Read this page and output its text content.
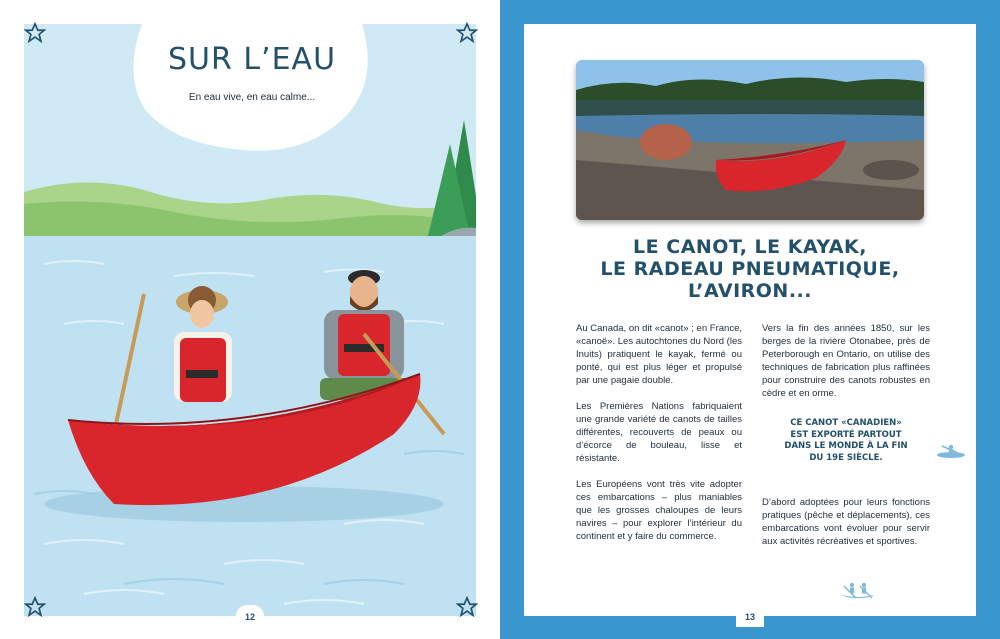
SUR L’EAU
En eau vive, en eau calme...
12
LE CANOT, LE KAYAK,
LE RADEAU PNEUMATIQUE,
L’AVIRON...

Au Canada, on dit «canot» ; en France, «canoë». Les autochtones du Nord (les Inuits) pratiquent le kayak, fermé ou ponté, qui est plus léger et propulsé par une pagaie double.

Les Premières Nations fabriquaient une grande variété de canots de tailles différentes, recouverts de peaux ou d’écorce de bouleau, lisse et résistante.

Les Européens vont très vite adopter ces embarcations – plus maniables que les grosses chaloupes de leurs navires – pour explorer l’intérieur du continent et y faire du commerce.

Vers la fin des années 1850, sur les berges de la rivière Otonabee, près de Peterborough en Ontario, on utilise des techniques de fabrication plus raffinées pour construire des canots robustes en cèdre et en orme.

CE CANOT «CANADIEN»
EST EXPORTÉ PARTOUT
DANS LE MONDE À LA FIN
DU 19E SIÈCLE.

D’abord adoptées pour leurs fonctions pratiques (pêche et déplacements), ces embarcations vont évoluer pour servir aux activités récréatives et sportives.

13
